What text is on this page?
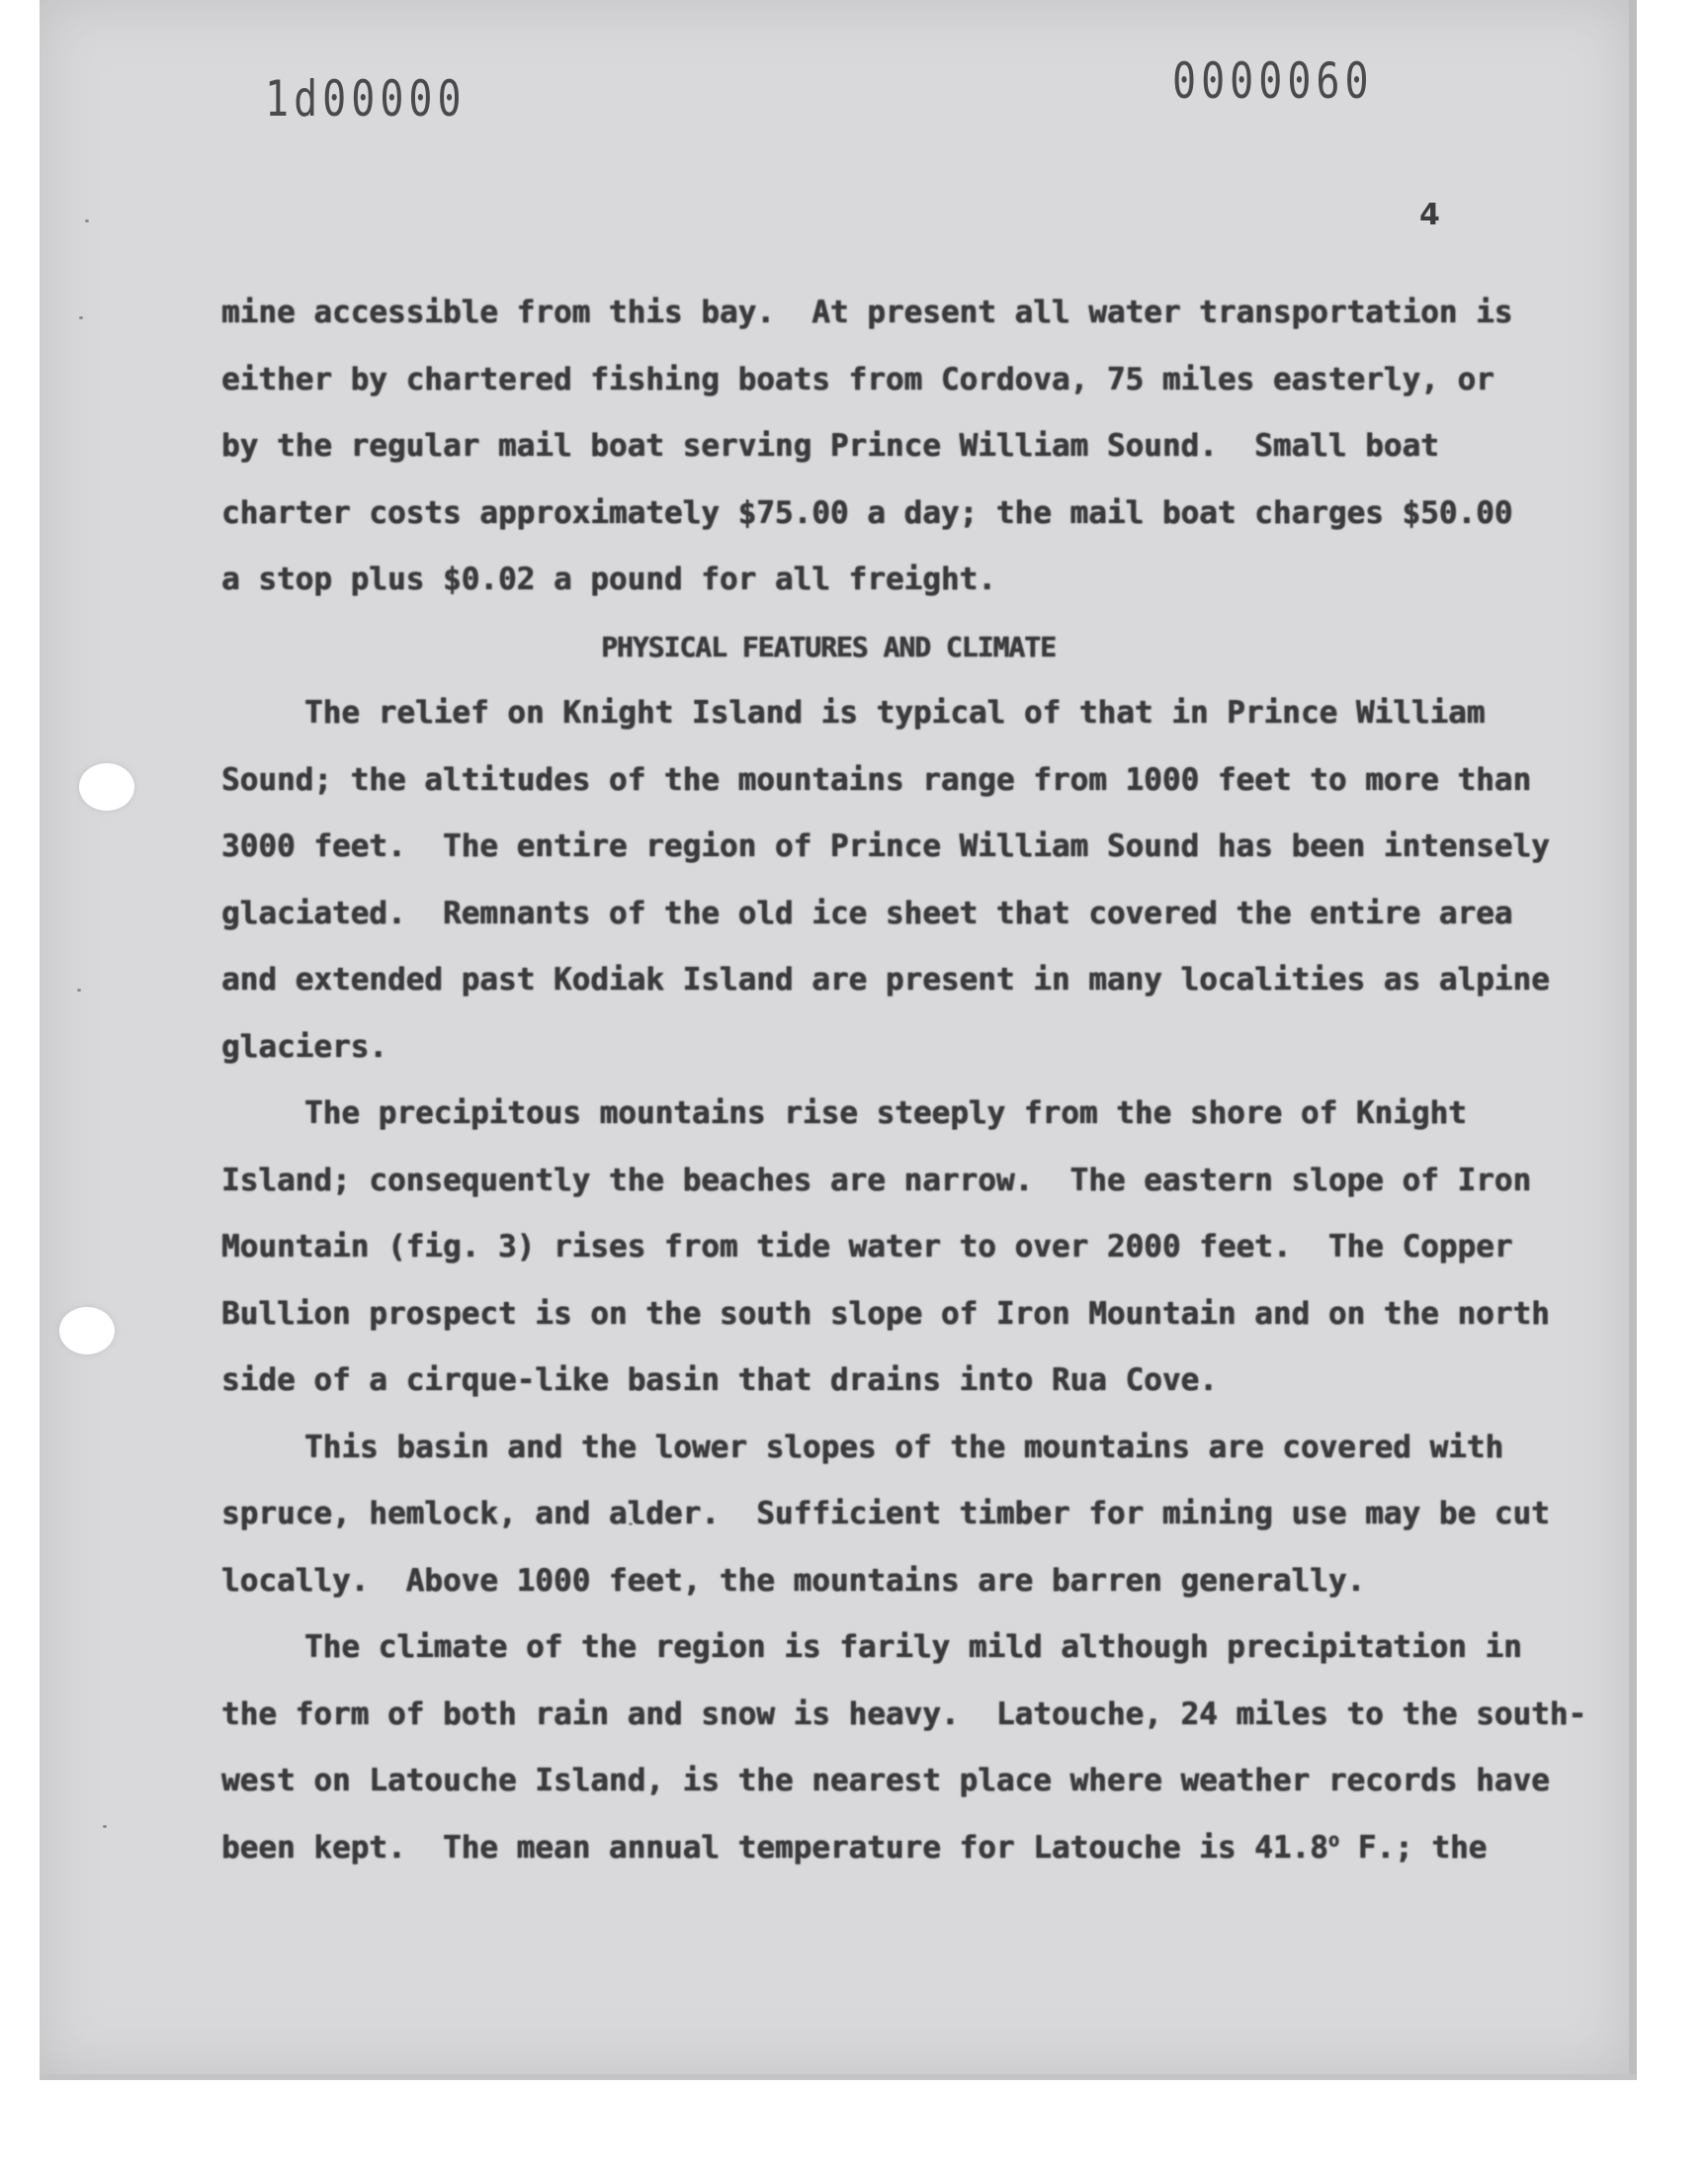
1d00000	0000060
4
mine accessible from this bay.  At present all water transportation is
either by chartered fishing boats from Cordova, 75 miles easterly, or
by the regular mail boat serving Prince William Sound.  Small boat
charter costs approximately $75.00 a day; the mail boat charges $50.00
a stop plus $0.02 a pound for all freight.
PHYSICAL FEATURES AND CLIMATE
The relief on Knight Island is typical of that in Prince William
Sound; the altitudes of the mountains range from 1000 feet to more than
3000 feet.  The entire region of Prince William Sound has been intensely
glaciated.  Remnants of the old ice sheet that covered the entire area
and extended past Kodiak Island are present in many localities as alpine
glaciers.
The precipitous mountains rise steeply from the shore of Knight
Island; consequently the beaches are narrow.  The eastern slope of Iron
Mountain (fig. 3) rises from tide water to over 2000 feet.  The Copper
Bullion prospect is on the south slope of Iron Mountain and on the north
side of a cirque-like basin that drains into Rua Cove.
This basin and the lower slopes of the mountains are covered with
spruce, hemlock, and alder.  Sufficient timber for mining use may be cut
locally.  Above 1000 feet, the mountains are barren generally.
The climate of the region is farily mild although precipitation in
the form of both rain and snow is heavy.  Latouche, 24 miles to the south-
west on Latouche Island, is the nearest place where weather records have
been kept.  The mean annual temperature for Latouche is 41.8$^o$ F.; the
